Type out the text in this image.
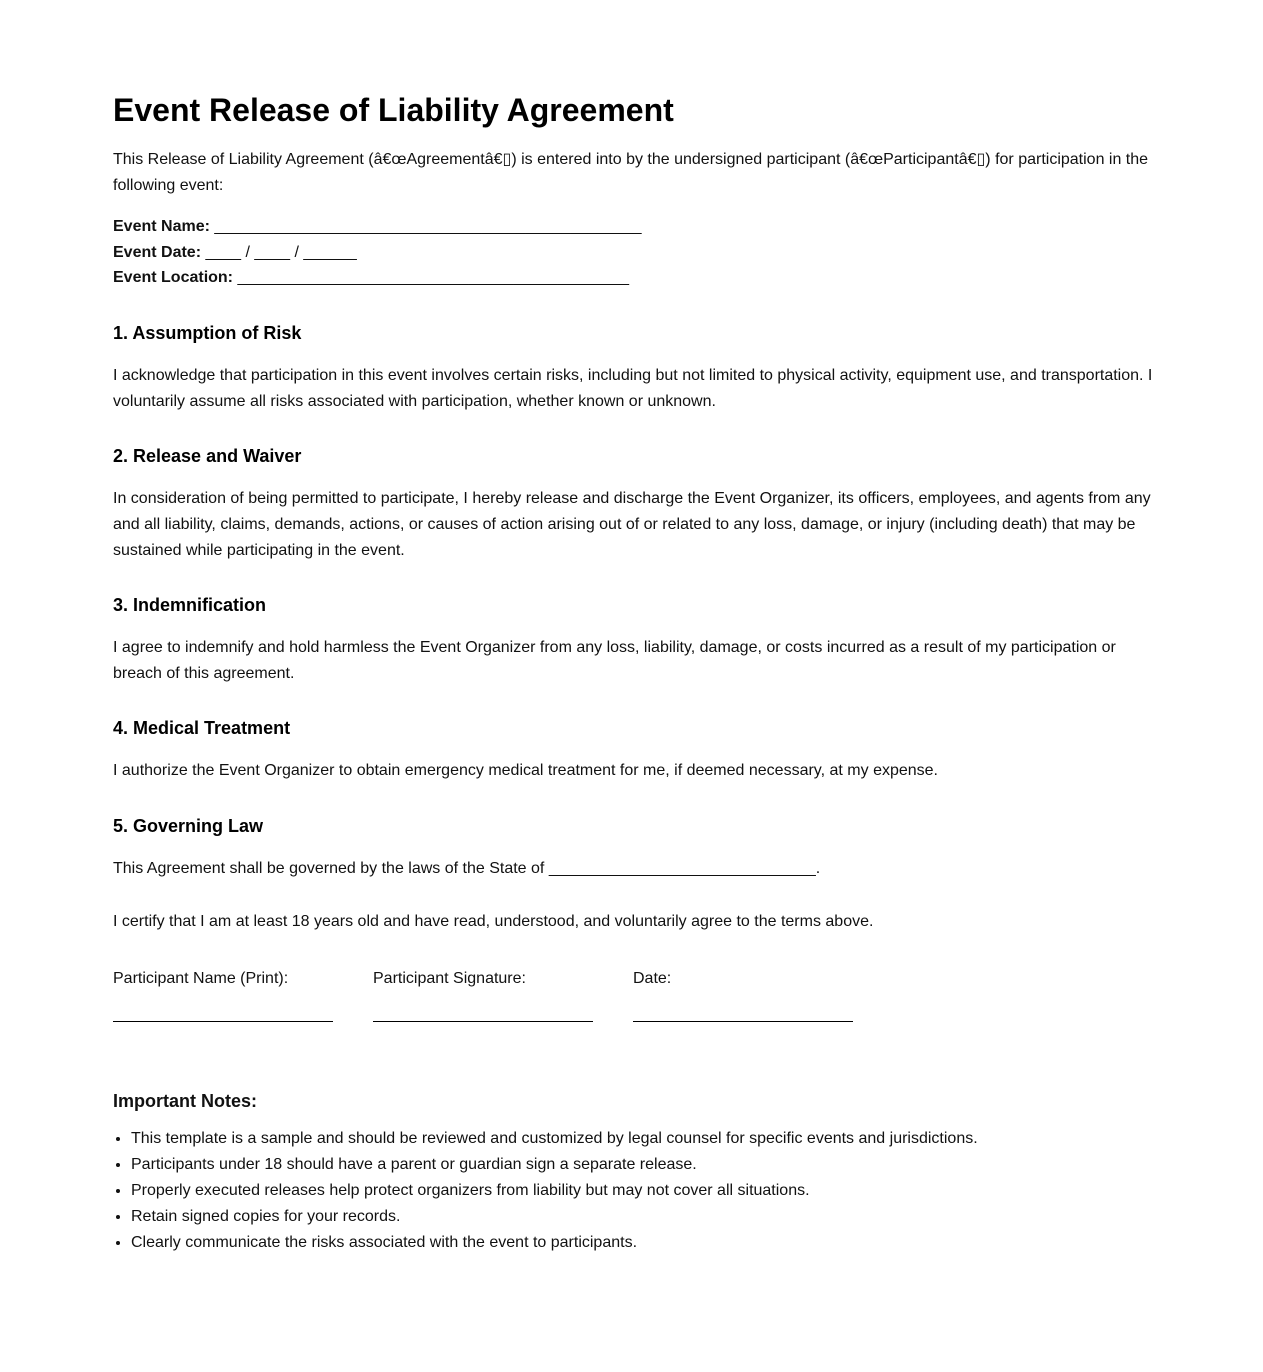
Event Release of Liability Agreement

This Release of Liability Agreement (â€œAgreementâ€▯) is entered into by the undersigned participant (â€œParticipantâ€▯) for participation in the following event:

Event Name: ________________________________________________
Event Date: ____ / ____ / ______
Event Location: ____________________________________________
1. Assumption of Risk

I acknowledge that participation in this event involves certain risks, including but not limited to physical activity, equipment use, and transportation. I voluntarily assume all risks associated with participation, whether known or unknown.

2. Release and Waiver

In consideration of being permitted to participate, I hereby release and discharge the Event Organizer, its officers, employees, and agents from any and all liability, claims, demands, actions, or causes of action arising out of or related to any loss, damage, or injury (including death) that may be sustained while participating in the event.

3. Indemnification

I agree to indemnify and hold harmless the Event Organizer from any loss, liability, damage, or costs incurred as a result of my participation or breach of this agreement.

4. Medical Treatment

I authorize the Event Organizer to obtain emergency medical treatment for me, if deemed necessary, at my expense.

5. Governing Law

This Agreement shall be governed by the laws of the State of ______________________________.

I certify that I am at least 18 years old and have read, understood, and voluntarily agree to the terms above.

Participant Name (Print):	Participant Signature:	Date:
Important Notes:
• This template is a sample and should be reviewed and customized by legal counsel for specific events and jurisdictions.
• Participants under 18 should have a parent or guardian sign a separate release.
• Properly executed releases help protect organizers from liability but may not cover all situations.
• Retain signed copies for your records.
• Clearly communicate the risks associated with the event to participants.
